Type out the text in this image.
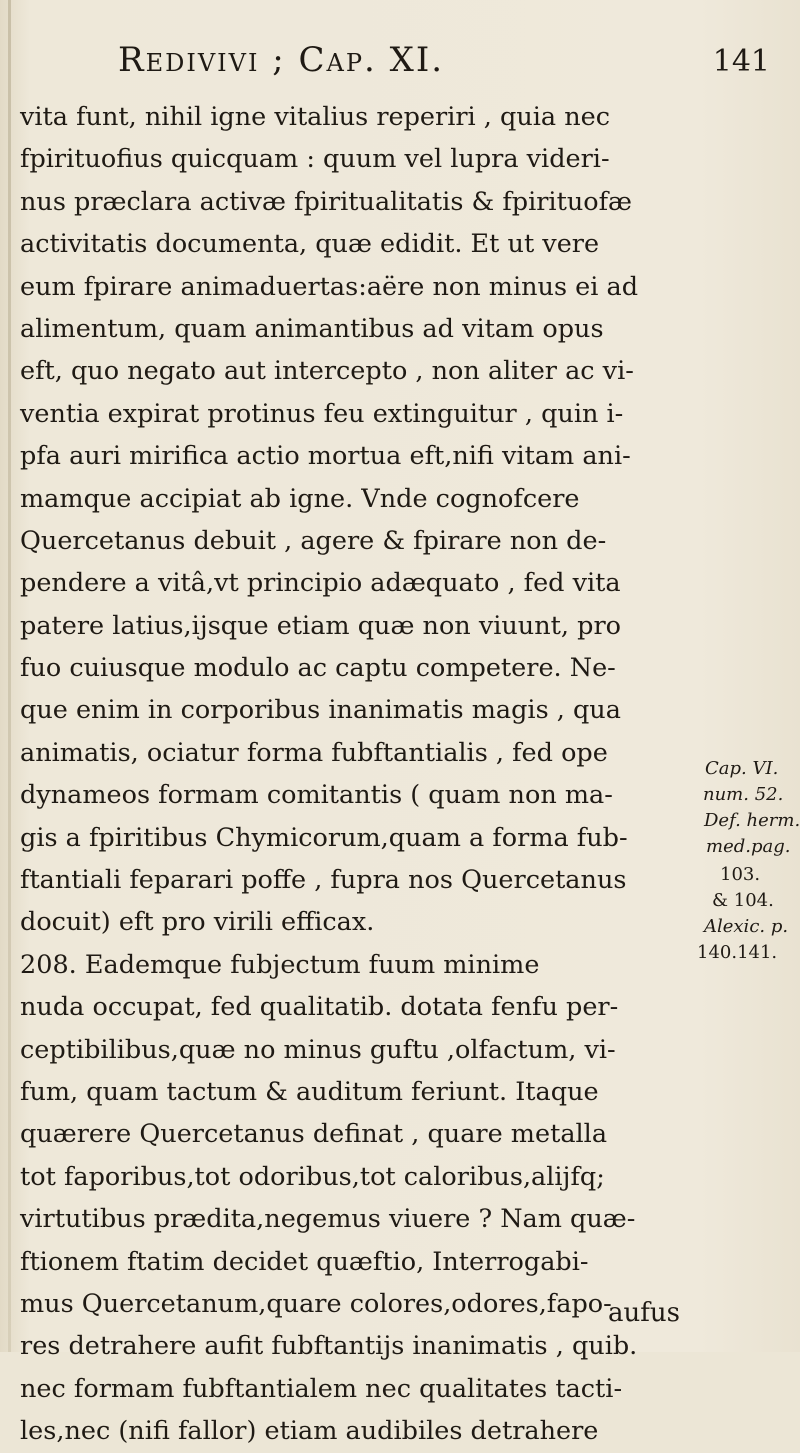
Redivivi ; Cap. XI.	141
vita funt, nihil igne vitalius reperiri , quia nec
fpirituofius quicquam : quum vel lupra videri-
nus præclara activæ fpiritualitatis & fpirituofæ
activitatis documenta, quæ edidit. Et ut vere
eum fpirare animaduertas:aëre non minus ei ad
alimentum, quam animantibus ad vitam opus
eft, quo negato aut intercepto , non aliter ac vi-
ventia expirat protinus feu extinguitur , quin i-
pfa auri mirifica actio mortua eft,nifi vitam ani-
mamque accipiat ab igne. Vnde cognofcere
Quercetanus debuit , agere & fpirare non de-
pendere a vitâ,vt principio adæquato , fed vita
patere latius,ijsque etiam quæ non viuunt, pro
fuo cuiusque modulo ac captu competere. Ne-
que enim in corporibus inanimatis magis , qua
animatis, ociatur forma fubftantialis , fed ope
dynameos formam comitantis ( quam non ma-
gis a fpiritibus Chymicorum,quam a forma fub-
ftantiali feparari poffe , fupra nos Quercetanus
docuit) eft pro virili efficax.
208. Eademque fubjectum fuum minime
nuda occupat, fed qualitatib. dotata fenfu per-
ceptibilibus,quæ no minus guftu ,olfactum, vi-
fum, quam tactum & auditum feriunt. Itaque
quærere Quercetanus definat , quare metalla
tot faporibus,tot odoribus,tot caloribus,alijfq;
virtutibus prædita,negemus viuere ? Nam quæ-
ftionem ftatim decidet quæftio, Interrogabi-
mus Quercetanum,quare colores,odores,fapo-
res detrahere aufit fubftantijs inanimatis , quib.
nec formam fubftantialem nec qualitates tacti-
les,nec (nifi fallor) etiam audibiles detrahere
Cap. VI.
num. 52.
Def. herm.
med.pag.
103.
& 104.
Alexic. p.
140.141.
aufus
